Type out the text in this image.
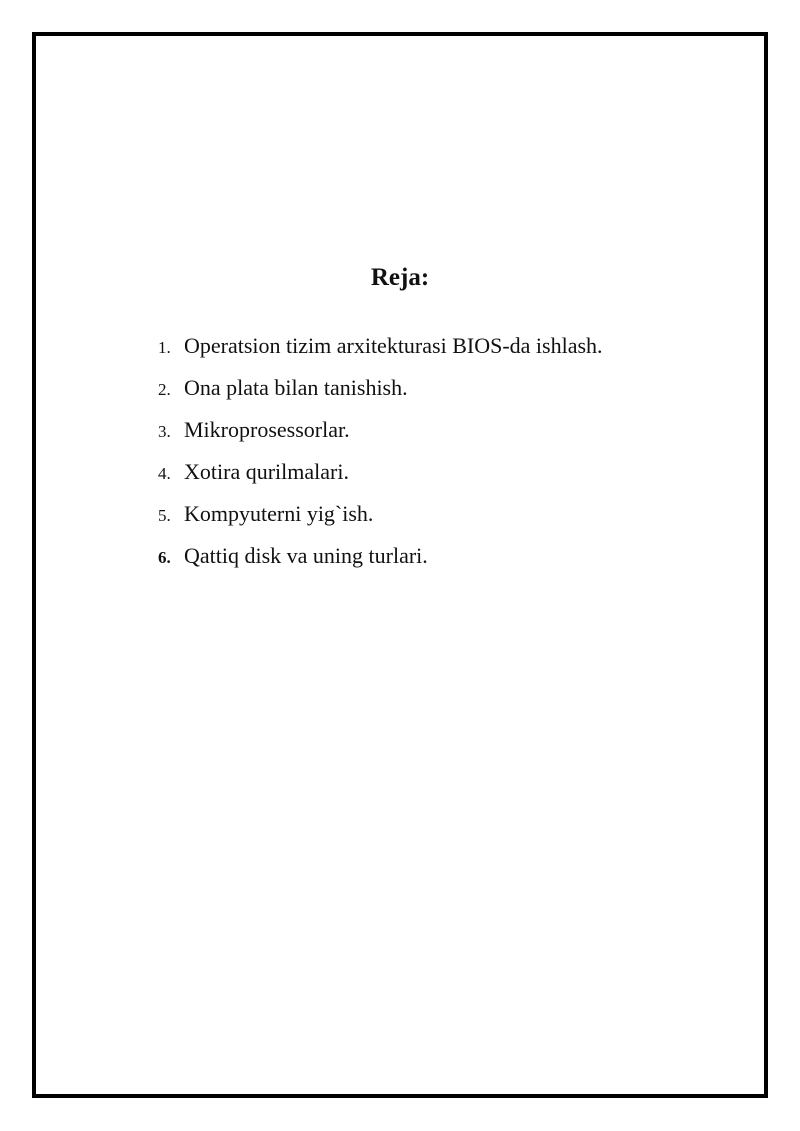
Reja:
1. Operatsion tizim arxitekturasi BIOS-da ishlash.
2. Ona plata bilan tanishish.
3. Mikroprosessorlar.
4. Xotira qurilmalari.
5. Kompyuterni yig`ish.
6. Qattiq disk va uning turlari.
